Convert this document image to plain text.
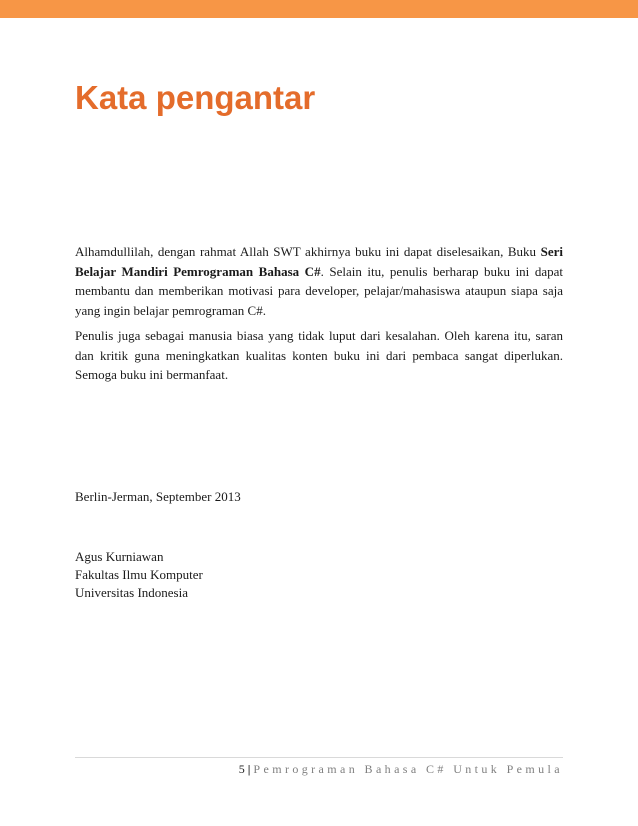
Kata pengantar

Alhamdullilah, dengan rahmat Allah SWT akhirnya buku ini dapat diselesaikan, Buku Seri Belajar Mandiri Pemrograman Bahasa C#. Selain itu, penulis berharap buku ini dapat membantu dan memberikan motivasi para developer, pelajar/mahasiswa ataupun siapa saja yang ingin belajar pemrograman C#.

Penulis juga sebagai manusia biasa yang tidak luput dari kesalahan. Oleh karena itu, saran dan kritik guna meningkatkan kualitas konten buku ini dari pembaca sangat diperlukan. Semoga buku ini bermanfaat.

Berlin-Jerman, September 2013
Agus Kurniawan
Fakultas Ilmu Komputer
Universitas Indonesia
5 | Pemrograman Bahasa C# Untuk Pemula
